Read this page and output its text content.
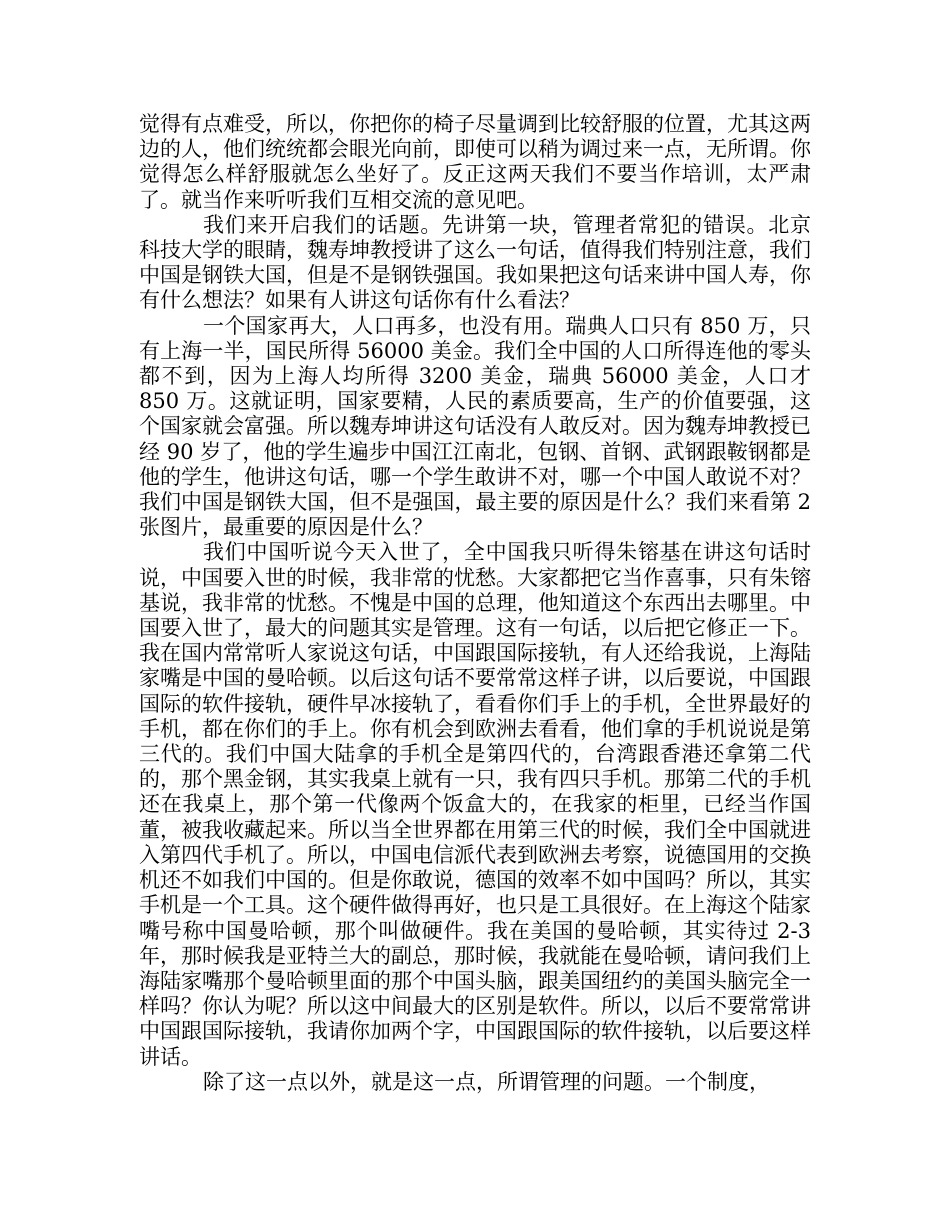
觉得有点难受，所以，你把你的椅子尽量调到比较舒服的位置，尤其这两边的人，他们统统都会眼光向前，即使可以稍为调过来一点，无所谓。你觉得怎么样舒服就怎么坐好了。反正这两天我们不要当作培训，太严肃了。就当作来听听我们互相交流的意见吧。

我们来开启我们的话题。先讲第一块，管理者常犯的错误。北京科技大学的眼睛，魏寿坤教授讲了这么一句话，值得我们特别注意，我们中国是钢铁大国，但是不是钢铁强国。我如果把这句话来讲中国人寿，你有什么想法？如果有人讲这句话你有什么看法？

一个国家再大，人口再多，也没有用。瑞典人口只有 850 万，只有上海一半，国民所得 56000 美金。我们全中国的人口所得连他的零头都不到，因为上海人均所得 3200 美金，瑞典 56000 美金，人口才 850 万。这就证明，国家要精，人民的素质要高，生产的价值要强，这个国家就会富强。所以魏寿坤讲这句话没有人敢反对。因为魏寿坤教授已经 90 岁了，他的学生遍步中国江江南北，包钢、首钢、武钢跟鞍钢都是他的学生，他讲这句话，哪一个学生敢讲不对，哪一个中国人敢说不对？我们中国是钢铁大国，但不是强国，最主要的原因是什么？我们来看第 2 张图片，最重要的原因是什么？

我们中国听说今天入世了，全中国我只听得朱镕基在讲这句话时说，中国要入世的时候，我非常的忧愁。大家都把它当作喜事，只有朱镕基说，我非常的忧愁。不愧是中国的总理，他知道这个东西出去哪里。中国要入世了，最大的问题其实是管理。这有一句话，以后把它修正一下。我在国内常常听人家说这句话，中国跟国际接轨，有人还给我说，上海陆家嘴是中国的曼哈顿。以后这句话不要常常这样子讲，以后要说，中国跟国际的软件接轨，硬件早冰接轨了，看看你们手上的手机，全世界最好的手机，都在你们的手上。你有机会到欧洲去看看，他们拿的手机说说是第三代的。我们中国大陆拿的手机全是第四代的，台湾跟香港还拿第二代的，那个黑金钢，其实我桌上就有一只，我有四只手机。那第二代的手机还在我桌上，那个第一代像两个饭盒大的，在我家的柜里，已经当作国董，被我收藏起来。所以当全世界都在用第三代的时候，我们全中国就进入第四代手机了。所以，中国电信派代表到欧洲去考察，说德国用的交换机还不如我们中国的。但是你敢说，德国的效率不如中国吗？所以，其实手机是一个工具。这个硬件做得再好，也只是工具很好。在上海这个陆家嘴号称中国曼哈顿，那个叫做硬件。我在美国的曼哈顿，其实待过 2-3 年，那时候我是亚特兰大的副总，那时候，我就能在曼哈顿，请问我们上海陆家嘴那个曼哈顿里面的那个中国头脑，跟美国纽约的美国头脑完全一样吗？你认为呢？所以这中间最大的区别是软件。所以，以后不要常常讲中国跟国际接轨，我请你加两个字，中国跟国际的软件接轨，以后要这样讲话。

除了这一点以外，就是这一点，所谓管理的问题。一个制度，
